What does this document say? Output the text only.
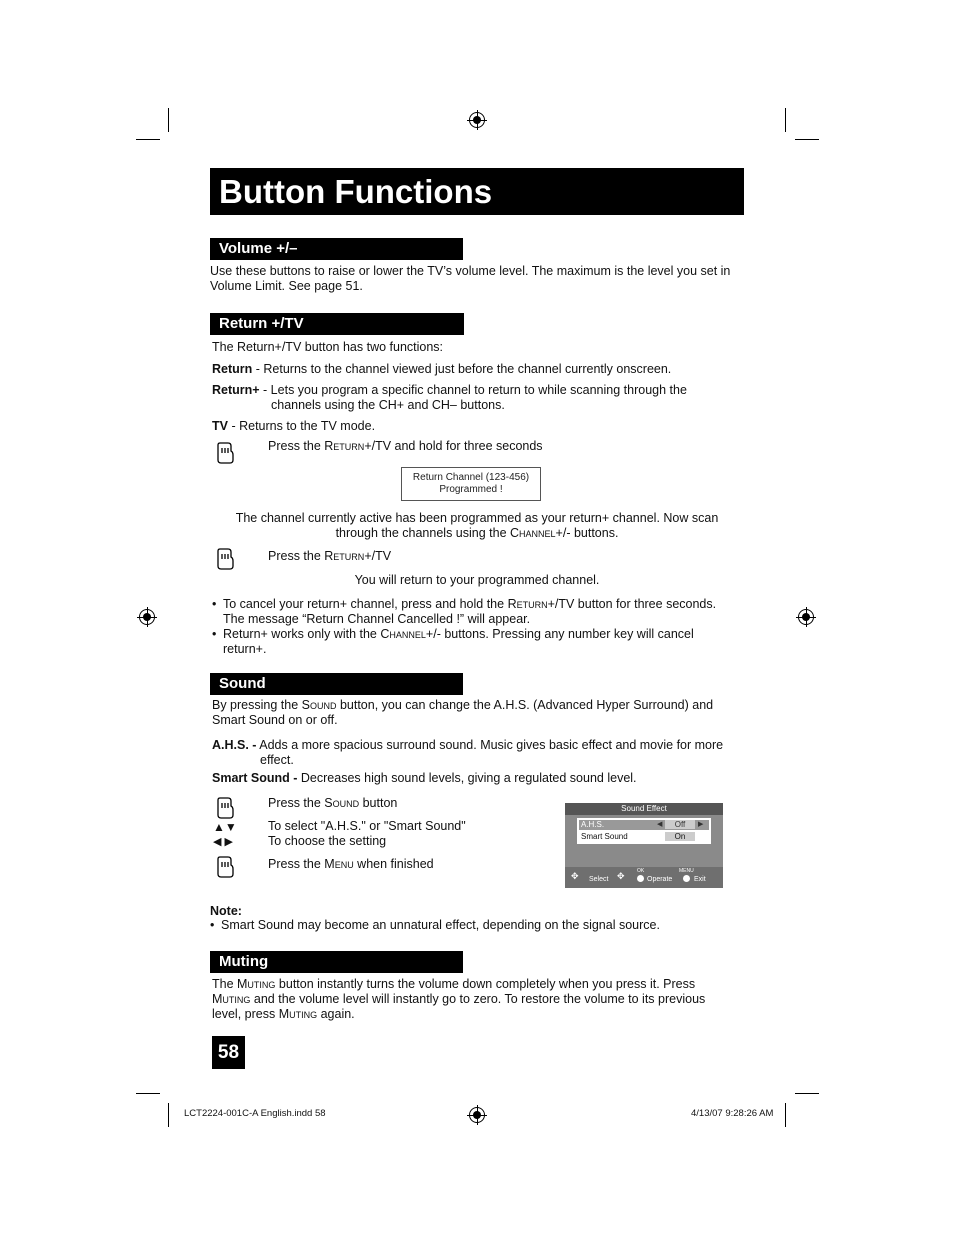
Button Functions
Volume +/–
Use these buttons to raise or lower the TV’s volume level. The maximum is the level you set in
Volume Limit. See page 51.
Return +/TV
The Return+/TV button has two functions:
Return - Returns to the channel viewed just before the channel currently onscreen.
Return+ - Lets you program a specific channel to return to while scanning through the
channels using the CH+ and CH– buttons.
TV - Returns to the TV mode.
Press the Return+/TV and hold for three seconds
Return Channel (123-456)
Programmed !
The channel currently active has been programmed as your return+ channel. Now scan
through the channels using the Channel+/- buttons.
Press the Return+/TV
You will return to your programmed channel.
• To cancel your return+ channel, press and hold the Return+/TV button for three seconds.
The message “Return Channel Cancelled !” will appear.
• Return+ works only with the Channel+/- buttons. Pressing any number key will cancel
return+.
Sound
By pressing the Sound button, you can change the A.H.S. (Advanced Hyper Surround) and
Smart Sound on or off.
A.H.S. - Adds a more spacious surround sound. Music gives basic effect and movie for more
effect.
Smart Sound - Decreases high sound levels, giving a regulated sound level.
Press the Sound button
▲▼ To select "A.H.S." or "Smart Sound"
◀ ▶	To choose the setting
Press the Menu when finished
Sound Effect
A.H.S.	◀	Off	▶
Smart Sound	On
✥ Select ✥ OK
Operate
MENU
Exit
Note:
• Smart Sound may become an unnatural effect, depending on the signal source.
Muting
The Muting button instantly turns the volume down completely when you press it. Press
Muting and the volume level will instantly go to zero. To restore the volume to its previous
level, press Muting again.
58
LCT2224-001C-A English.indd 58	4/13/07 9:28:26 AM
